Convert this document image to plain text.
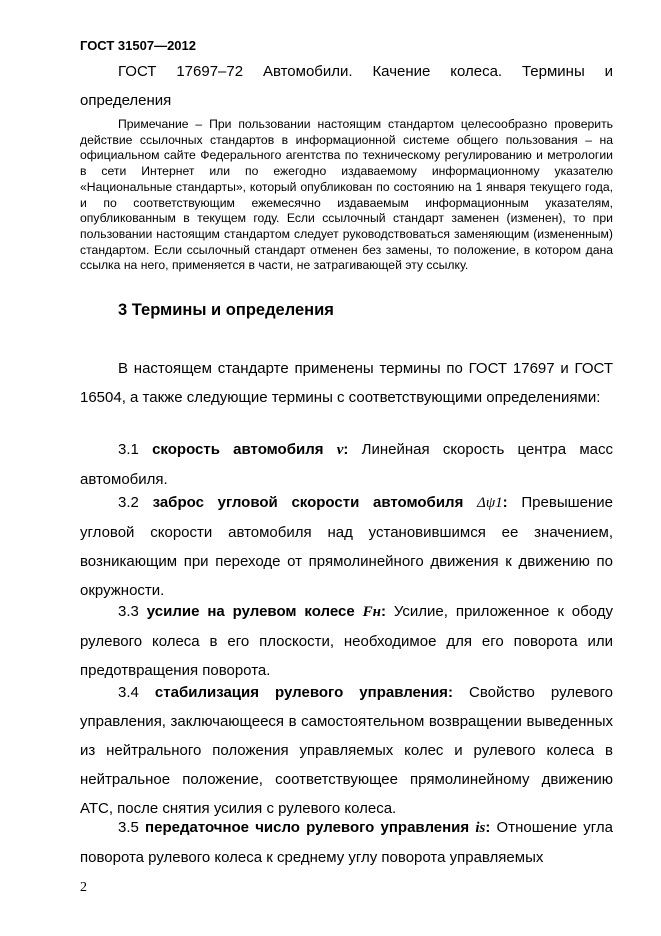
ГОСТ 31507—2012

ГОСТ 17697–72 Автомобили. Качение колеса. Термины и определения

Примечание – При пользовании настоящим стандартом целесообразно проверить действие ссылочных стандартов в информационной системе общего пользования – на официальном сайте Федерального агентства по техническому регулированию и метрологии в сети Интернет или по ежегодно издаваемому информационному указателю «Национальные стандарты», который опубликован по состоянию на 1 января текущего года, и по соответствующим ежемесячно издаваемым информационным указателям, опубликованным в текущем году. Если ссылочный стандарт заменен (изменен), то при пользовании настоящим стандартом следует руководствоваться заменяющим (измененным) стандартом. Если ссылочный стандарт отменен без замены, то положение, в котором дана ссылка на него, применяется в части, не затрагивающей эту ссылку.

3 Термины и определения

В настоящем стандарте применены термины по ГОСТ 17697 и ГОСТ 16504, а также следующие термины с соответствующими определениями:

3.1 скорость автомобиля v: Линейная скорость центра масс автомобиля.

3.2 заброс угловой скорости автомобиля Δψ1: Превышение угловой скорости автомобиля над установившимся ее значением, возникающим при переходе от прямолинейного движения к движению по окружности.

3.3 усилие на рулевом колесе Fн: Усилие, приложенное к ободу рулевого колеса в его плоскости, необходимое для его поворота или предотвращения поворота.

3.4 стабилизация рулевого управления: Свойство рулевого управления, заключающееся в самостоятельном возвращении выведенных из нейтрального положения управляемых колес и рулевого колеса в нейтральное положение, соответствующее прямолинейному движению АТС, после снятия усилия с рулевого колеса.

3.5 передаточное число рулевого управления is: Отношение угла поворота рулевого колеса к среднему углу поворота управляемых

2
